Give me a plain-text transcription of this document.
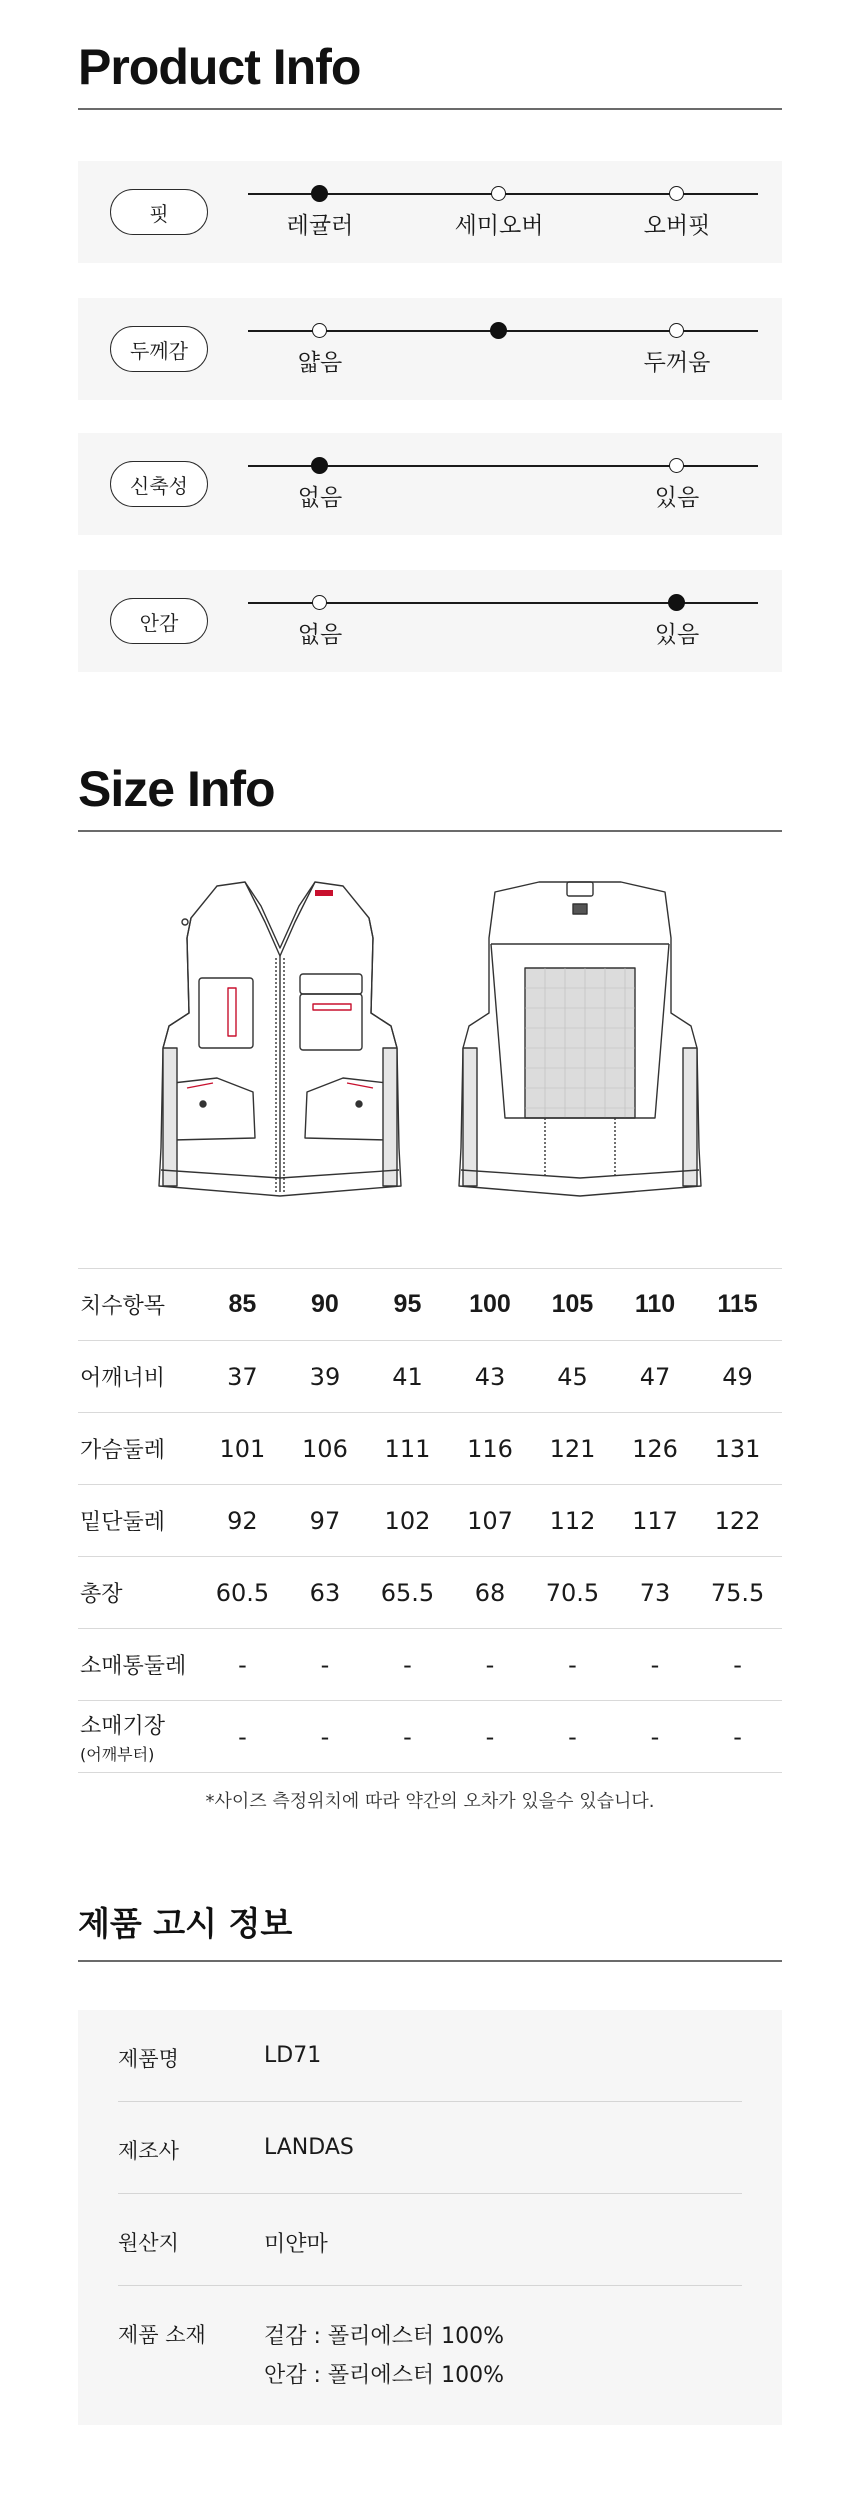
Product Info
핏	레귤러	세미오버	오버핏
두께감	얇음	두꺼움
신축성	없음	있음
안감	없음	있음
Size Info
치수항목	85	90	95	100	105	110	115
어깨너비	37	39	41	43	45	47	49
가슴둘레	101	106	111	116	121	126	131
밑단둘레	92	97	102	107	112	117	122
총장	60.5	63	65.5	68	70.5	73	75.5
소매통둘레	-	-	-	-	-	-	-
소매기장
(어깨부터)	-	-	-	-	-	-	-
*사이즈 측정위치에 따라 약간의 오차가 있을수 있습니다.
제품 고시 정보
제품명	LD71
제조사	LANDAS
원산지	미얀마
제품 소재	겉감 : 폴리에스터 100%
안감 : 폴리에스터 100%
